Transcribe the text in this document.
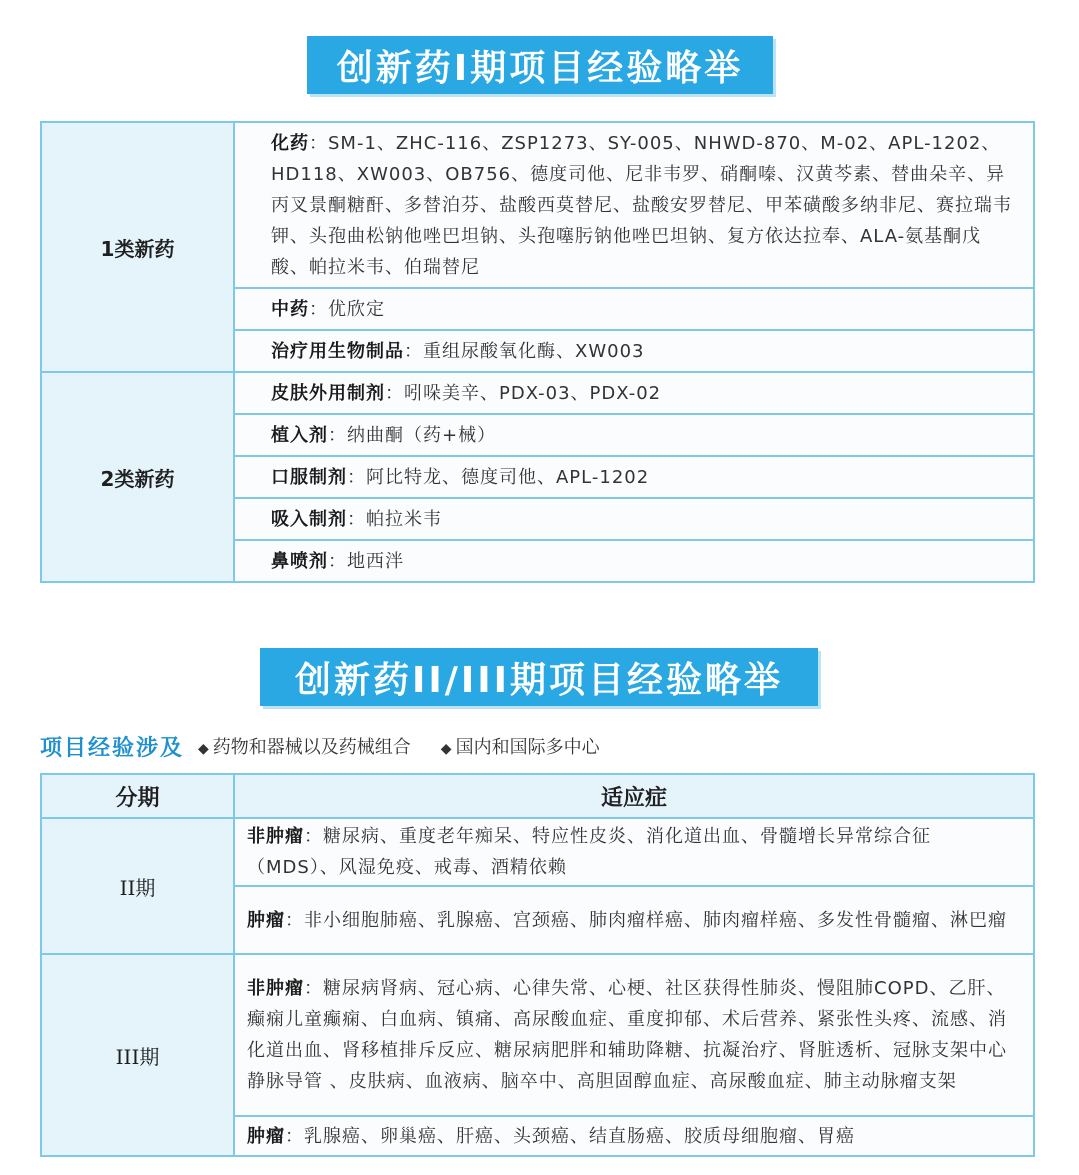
创新药I期项目经验略举
1类新药	化药：SM-1、ZHC-116、ZSP1273、SY-005、NHWD-870、M-02、APL-1202、HD118、XW003、OB756、德度司他、尼非韦罗、硝酮嗪、汉黄芩素、替曲朵辛、异丙叉景酮糖酐、多替泊芬、盐酸西莫替尼、盐酸安罗替尼、甲苯磺酸多纳非尼、赛拉瑞韦钾、头孢曲松钠他唑巴坦钠、头孢噻肟钠他唑巴坦钠、复方依达拉奉、ALA-氨基酮戊酸、帕拉米韦、伯瑞替尼
	中药：优欣定
	治疗用生物制品：重组尿酸氧化酶、XW003
2类新药	皮肤外用制剂：吲哚美辛、PDX-03、PDX-02
	植入剂：纳曲酮（药+械）
	口服制剂：阿比特龙、德度司他、APL-1202
	吸入制剂：帕拉米韦
	鼻喷剂：地西泮
创新药II/III期项目经验略举
项目经验涉及 ◆ 药物和器械以及药械组合 ◆ 国内和国际多中心
分期	适应症
II期	非肿瘤：糖尿病、重度老年痴呆、特应性皮炎、消化道出血、骨髓增长异常综合征（MDS）、风湿免疫、戒毒、酒精依赖
	肿瘤：非小细胞肺癌、乳腺癌、宫颈癌、肺肉瘤样癌、肺肉瘤样癌、多发性骨髓瘤、淋巴瘤
III期	非肿瘤：糖尿病肾病、冠心病、心律失常、心梗、社区获得性肺炎、慢阻肺COPD、乙肝、癫痫儿童癫痫、白血病、镇痛、高尿酸血症、重度抑郁、术后营养、紧张性头疼、流感、消化道出血、肾移植排斥反应、糖尿病肥胖和辅助降糖、抗凝治疗、肾脏透析、冠脉支架中心静脉导管 、皮肤病、血液病、脑卒中、高胆固醇血症、高尿酸血症、肺主动脉瘤支架
	肿瘤：乳腺癌、卵巢癌、肝癌、头颈癌、结直肠癌、胶质母细胞瘤、胃癌
